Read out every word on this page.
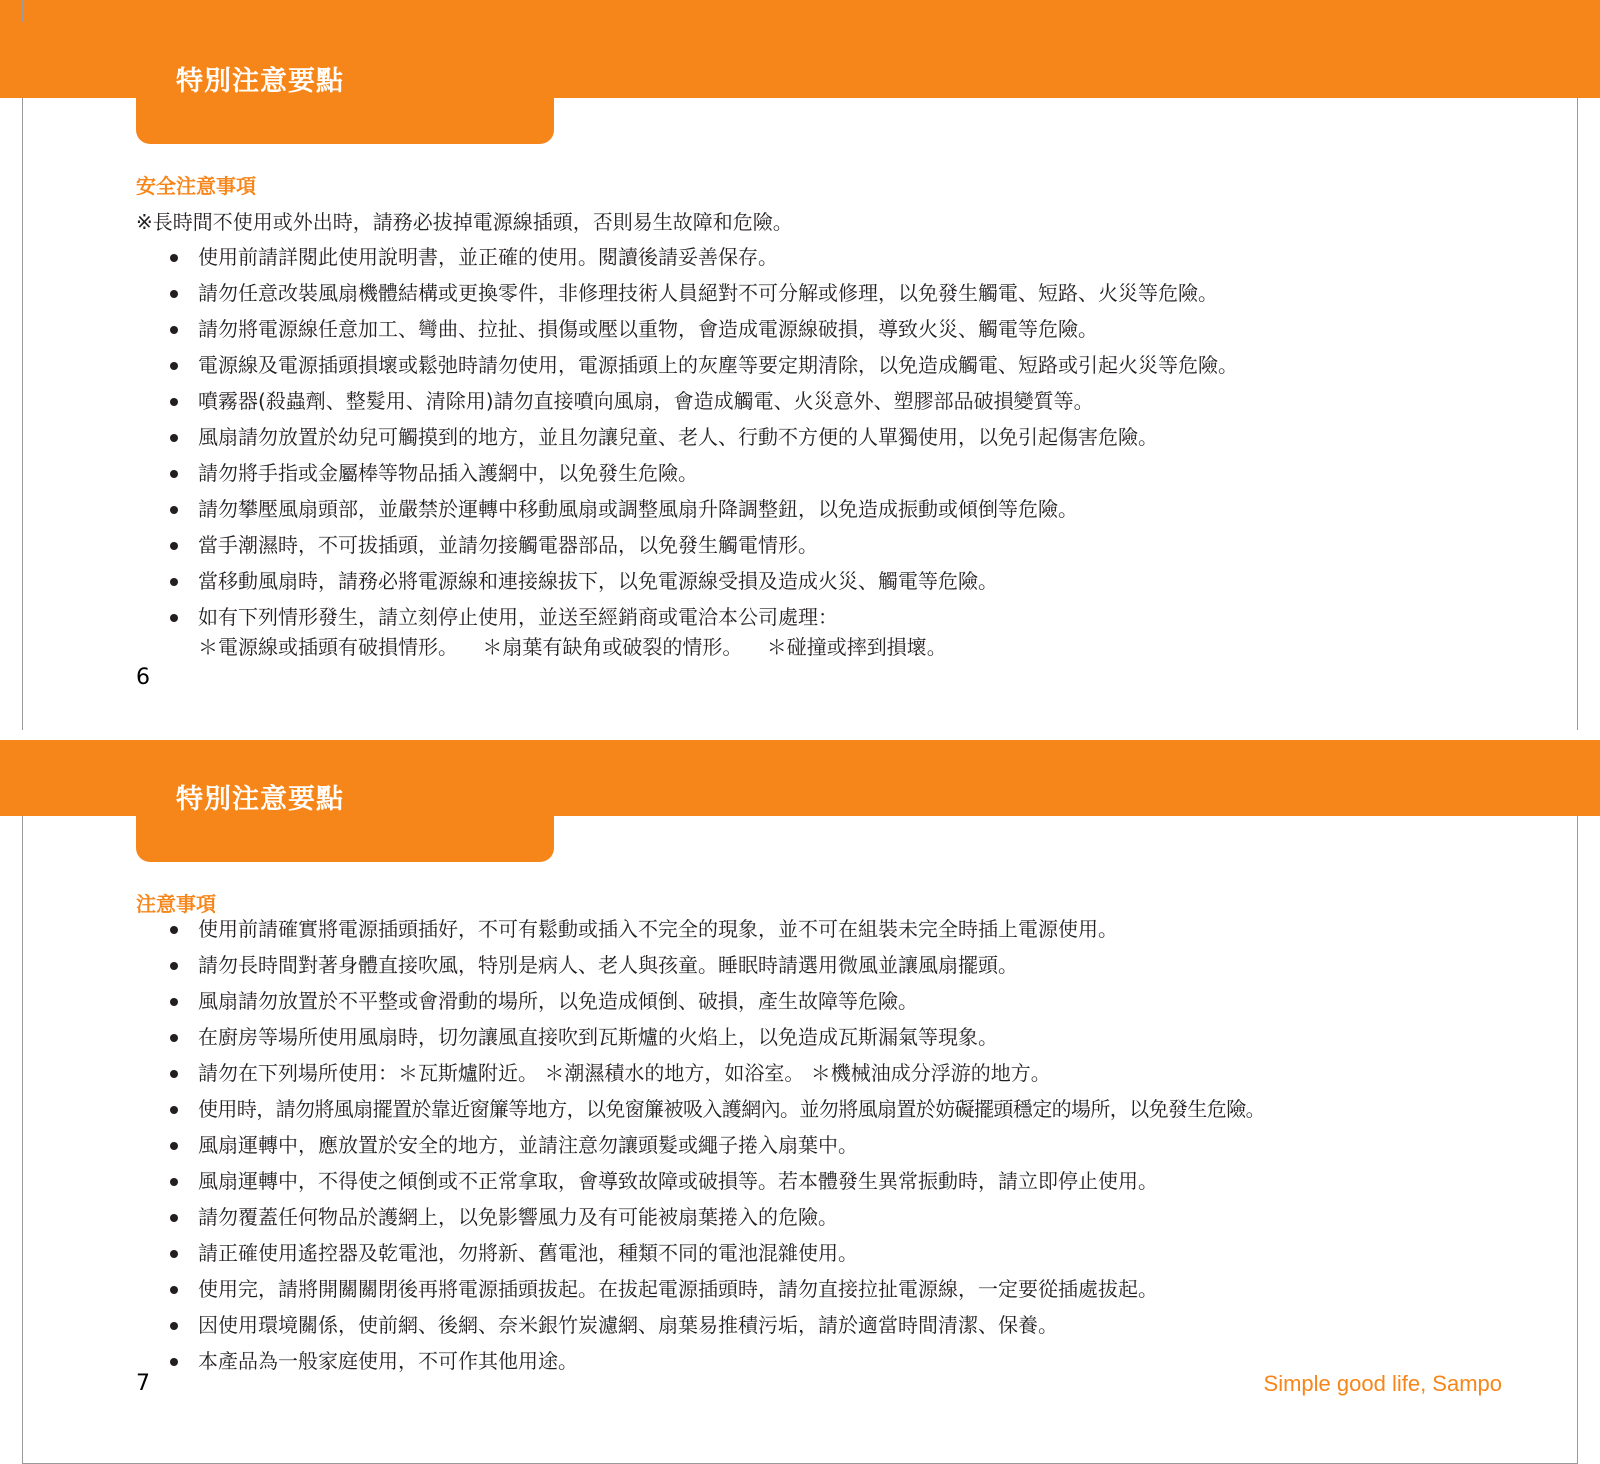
特別注意要點
安全注意事項
※長時間不使用或外出時，請務必拔掉電源線插頭，否則易生故障和危險。
使用前請詳閱此使用說明書，並正確的使用。閱讀後請妥善保存。
請勿任意改裝風扇機體結構或更換零件，非修理技術人員絕對不可分解或修理，以免發生觸電、短路、火災等危險。
請勿將電源線任意加工、彎曲、拉扯、損傷或壓以重物，會造成電源線破損，導致火災、觸電等危險。
電源線及電源插頭損壞或鬆弛時請勿使用，電源插頭上的灰塵等要定期清除，以免造成觸電、短路或引起火災等危險。
噴霧器(殺蟲劑、整髮用、清除用)請勿直接噴向風扇，會造成觸電、火災意外、塑膠部品破損變質等。
風扇請勿放置於幼兒可觸摸到的地方，並且勿讓兒童、老人、行動不方便的人單獨使用，以免引起傷害危險。
請勿將手指或金屬棒等物品插入護網中，以免發生危險。
請勿攀壓風扇頭部，並嚴禁於運轉中移動風扇或調整風扇升降調整鈕，以免造成振動或傾倒等危險。
當手潮濕時，不可拔插頭，並請勿接觸電器部品，以免發生觸電情形。
當移動風扇時，請務必將電源線和連接線拔下，以免電源線受損及造成火災、觸電等危險。
如有下列情形發生，請立刻停止使用，並送至經銷商或電洽本公司處理：
＊電源線或插頭有破損情形。 ＊扇葉有缺角或破裂的情形。 ＊碰撞或摔到損壞。
6
特別注意要點
注意事項
使用前請確實將電源插頭插好，不可有鬆動或插入不完全的現象，並不可在組裝未完全時插上電源使用。
請勿長時間對著身體直接吹風，特別是病人、老人與孩童。睡眠時請選用微風並讓風扇擺頭。
風扇請勿放置於不平整或會滑動的場所，以免造成傾倒、破損，產生故障等危險。
在廚房等場所使用風扇時，切勿讓風直接吹到瓦斯爐的火焰上，以免造成瓦斯漏氣等現象。
請勿在下列場所使用：＊瓦斯爐附近。 ＊潮濕積水的地方，如浴室。 ＊機械油成分浮游的地方。
使用時，請勿將風扇擺置於靠近窗簾等地方，以免窗簾被吸入護網內。並勿將風扇置於妨礙擺頭穩定的場所，以免發生危險。
風扇運轉中，應放置於安全的地方，並請注意勿讓頭髮或繩子捲入扇葉中。
風扇運轉中，不得使之傾倒或不正常拿取，會導致故障或破損等。若本體發生異常振動時，請立即停止使用。
請勿覆蓋任何物品於護網上，以免影響風力及有可能被扇葉捲入的危險。
請正確使用遙控器及乾電池，勿將新、舊電池，種類不同的電池混雜使用。
使用完，請將開關關閉後再將電源插頭拔起。在拔起電源插頭時，請勿直接拉扯電源線，一定要從插處拔起。
因使用環境關係，使前網、後網、奈米銀竹炭濾網、扇葉易推積污垢，請於適當時間清潔、保養。
本產品為一般家庭使用，不可作其他用途。
7	Simple good life, Sampo
